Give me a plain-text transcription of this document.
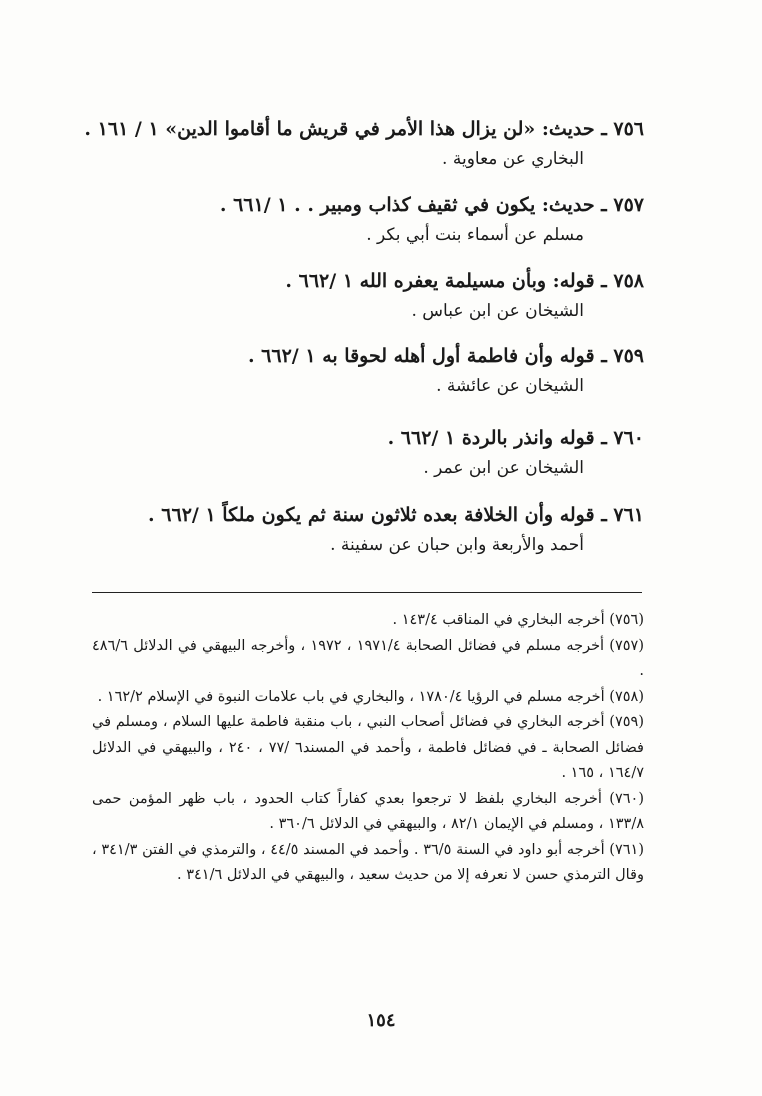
٧٥٦ ـ حديث: «لن يزال هذا الأمر في قريش ما أقاموا الدين» ١ / ١٦١ .
البخاري عن معاوية .
٧٥٧ ـ حديث: يكون في ثقيف كذاب ومبير . . ١ /٦٦١ .
مسلم عن أسماء بنت أبي بكر .
٧٥٨ ـ قوله: وبأن مسيلمة يعفره الله ١ /٦٦٢ .
الشيخان عن ابن عباس .
٧٥٩ ـ قوله وأن فاطمة أول أهله لحوقا به ١ /٦٦٢ .
الشيخان عن عائشة .
٧٦٠ ـ قوله وانذر بالردة ١ /٦٦٢ .
الشيخان عن ابن عمر .
٧٦١ ـ قوله وأن الخلافة بعده ثلاثون سنة ثم يكون ملكاً ١ /٦٦٢ .
أحمد والأربعة وابن حبان عن سفينة .

(٧٥٦) أخرجه البخاري في المناقب ١٤٣/٤ .

(٧٥٧) أخرجه مسلم في فضائل الصحابة ١٩٧١/٤ ، ١٩٧٢ ، وأخرجه البيهقي في الدلائل ٤٨٦/٦ .

(٧٥٨) أخرجه مسلم في الرؤيا ١٧٨٠/٤ ، والبخاري في باب علامات النبوة في الإسلام ١٦٢/٢ .

(٧٥٩) أخرجه البخاري في فضائل أصحاب النبي ، باب منقبة فاطمة عليها السلام ، ومسلم في فضائل الصحابة ـ في فضائل فاطمة ، وأحمد في المسند٦ /٧٧ ، ٢٤٠ ، والبيهقي في الدلائل ١٦٤/٧ ، ١٦٥ .

(٧٦٠) أخرجه البخاري بلفظ لا ترجعوا بعدي كفاراً كتاب الحدود ، باب ظهر المؤمن حمى ١٣٣/٨ ، ومسلم في الإيمان ٨٢/١ ، والبيهقي في الدلائل ٣٦٠/٦ .

(٧٦١) أخرجه أبو داود في السنة ٣٦/٥ . وأحمد في المسند ٤٤/٥ ، والترمذي في الفتن ٣٤١/٣ ، وقال الترمذي حسن لا نعرفه إلا من حديث سعيد ، والبيهقي في الدلائل ٣٤١/٦ .

١٥٤
